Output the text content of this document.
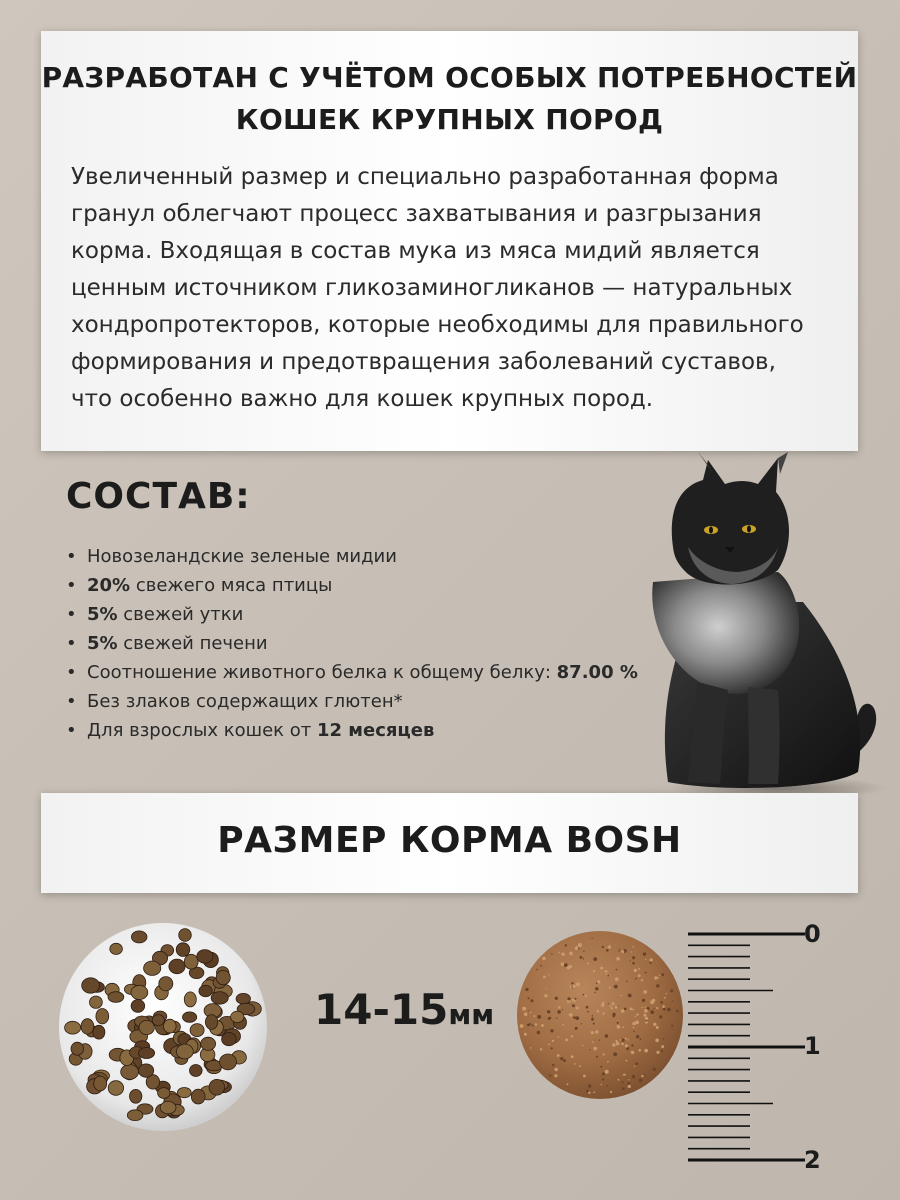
РАЗРАБОТАН С УЧЁТОМ ОСОБЫХ ПОТРЕБНОСТЕЙ
КОШЕК КРУПНЫХ ПОРОД
Увеличенный размер и специально разработанная форма
гранул облегчают процесс захватывания и разгрызания
корма. Входящая в состав мука из мяса мидий является
ценным источником гликозаминогликанов — натуральных
хондропротекторов, которые необходимы для правильного
формирования и предотвращения заболеваний суставов,
что особенно важно для кошек крупных пород.
СОСТАВ:
• Новозеландские зеленые мидии
• 20% свежего мяса птицы
• 5% свежей утки
• 5% свежей печени
• Соотношение животного белка к общему белку: 87.00 %
• Без злаков содержащих глютен*
• Для взрослых кошек от 12 месяцев
РАЗМЕР КОРМА BOSH
14-15мм
0
1
2
